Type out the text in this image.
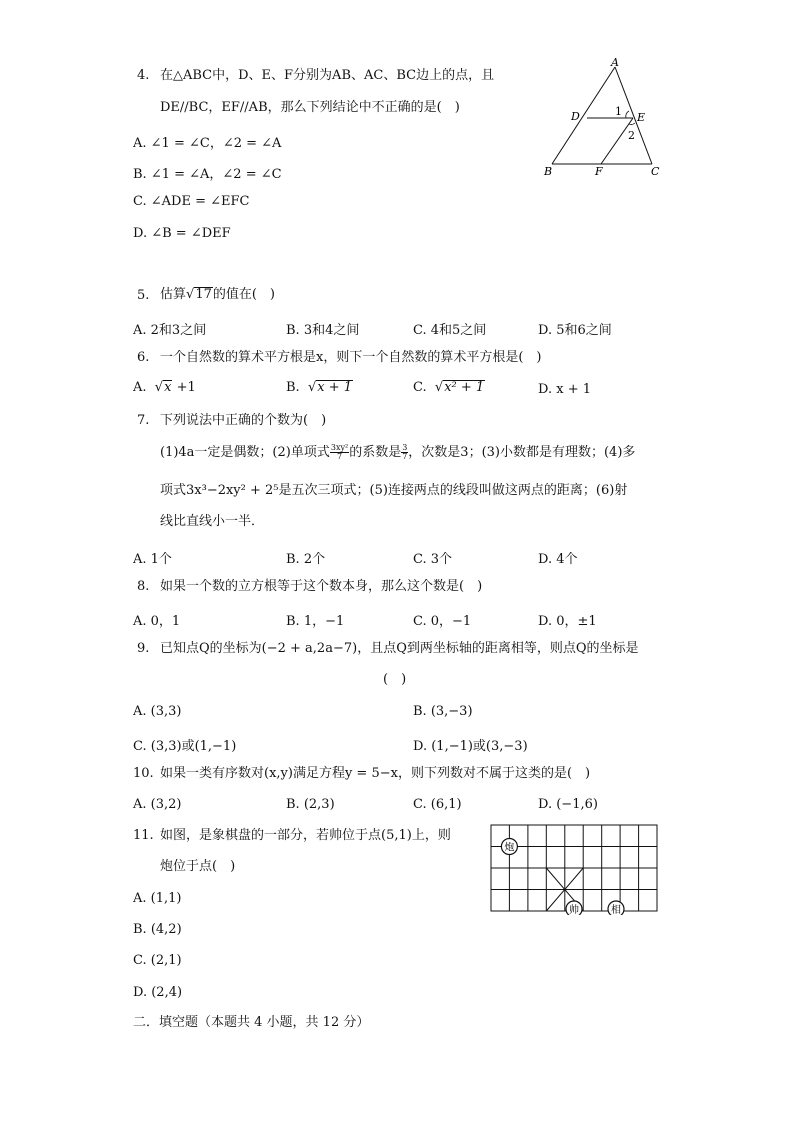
4. 在△ABC中，D、E、F分别为AB、AC、BC边上的点，且
DE//BC，EF//AB，那么下列结论中不正确的是(　)
A. ∠1 = ∠C，∠2 = ∠A
B. ∠1 = ∠A，∠2 = ∠C
C. ∠ADE = ∠EFC
D. ∠B = ∠DEF
A
B	C
D	E
F
1
2
5. 估算√17的值在(　)
A. 2和3之间	B. 3和4之间	C. 4和5之间	D. 5和6之间
6. 一个自然数的算术平方根是x，则下一个自然数的算术平方根是(　)
A. √x +1	B. √x + 1	C. √x² + 1	D. x + 1
7. 下列说法中正确的个数为(　)
(1)4a一定是偶数；(2)单项式 $\frac{\text{3xy²}}{7}$ 的系数是 $\frac{3}{7}$ ，次数是3；(3)小数都是有理数；(4)多
项式3x³−2xy² + 2⁵是五次三项式；(5)连接两点的线段叫做这两点的距离；(6)射
线比直线小一半．
A. 1个	B. 2个	C. 3个	D. 4个
8. 如果一个数的立方根等于这个数本身，那么这个数是(　)
A. 0，1	B. 1，−1	C. 0，−1	D. 0，±1
9. 已知点Q的坐标为(−2 + a,2a−7)，且点Q到两坐标轴的距离相等，则点Q的坐标是
(　)
A. (3,3)	B. (3,−3)
C. (3,3)或(1,−1)	D. (1,−1)或(3,−3)
10. 如果一类有序数对(x,y)满足方程y = 5−x，则下列数对不属于这类的是(　)
A. (3,2)	B. (2,3)	C. (6,1)	D. (−1,6)
11. 如图，是象棋盘的一部分，若帅位于点(5,1)上，则
炮位于点(　)
A. (1,1)
B. (4,2)
C. (2,1)
D. (2,4)
炮
帅	相
二．填空题（本题共 4 小题，共 12 分）
